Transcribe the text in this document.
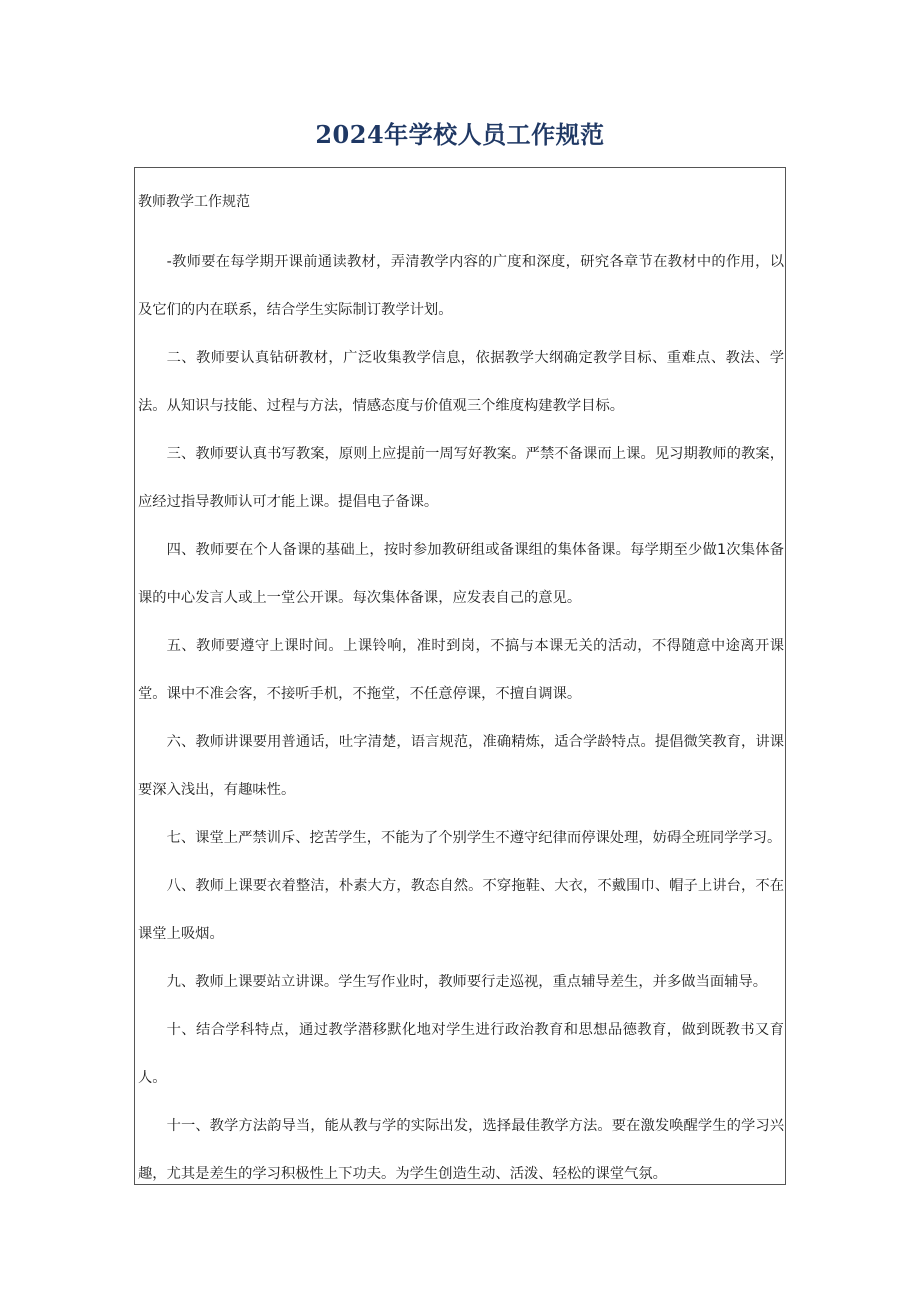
2024年学校人员工作规范

教师教学工作规范

-教师要在每学期开课前通读教材，弄清教学内容的广度和深度，研究各章节在教材中的作用，以及它们的内在联系，结合学生实际制订教学计划。

二、教师要认真钻研教材，广泛收集教学信息，依据教学大纲确定教学目标、重难点、教法、学法。从知识与技能、过程与方法，情感态度与价值观三个维度构建教学目标。

三、教师要认真书写教案，原则上应提前一周写好教案。严禁不备课而上课。见习期教师的教案，应经过指导教师认可才能上课。提倡电子备课。

四、教师要在个人备课的基础上，按时参加教研组或备课组的集体备课。每学期至少做1次集体备课的中心发言人或上一堂公开课。每次集体备课，应发表自己的意见。

五、教师要遵守上课时间。上课铃响，准时到岗，不搞与本课无关的活动，不得随意中途离开课堂。课中不准会客，不接听手机，不拖堂，不任意停课，不擅自调课。

六、教师讲课要用普通话，吐字清楚，语言规范，准确精炼，适合学龄特点。提倡微笑教育，讲课要深入浅出，有趣味性。

七、课堂上严禁训斥、挖苦学生，不能为了个别学生不遵守纪律而停课处理，妨碍全班同学学习。

八、教师上课要衣着整洁，朴素大方，教态自然。不穿拖鞋、大衣，不戴围巾、帽子上讲台，不在课堂上吸烟。

九、教师上课要站立讲课。学生写作业时，教师要行走巡视，重点辅导差生，并多做当面辅导。

十、结合学科特点，通过教学潜移默化地对学生进行政治教育和思想品德教育，做到既教书又育人。

十一、教学方法韵导当，能从教与学的实际出发，选择最佳教学方法。要在激发唤醒学生的学习兴趣，尤其是差生的学习积极性上下功夫。为学生创造生动、活泼、轻松的课堂气氛。
